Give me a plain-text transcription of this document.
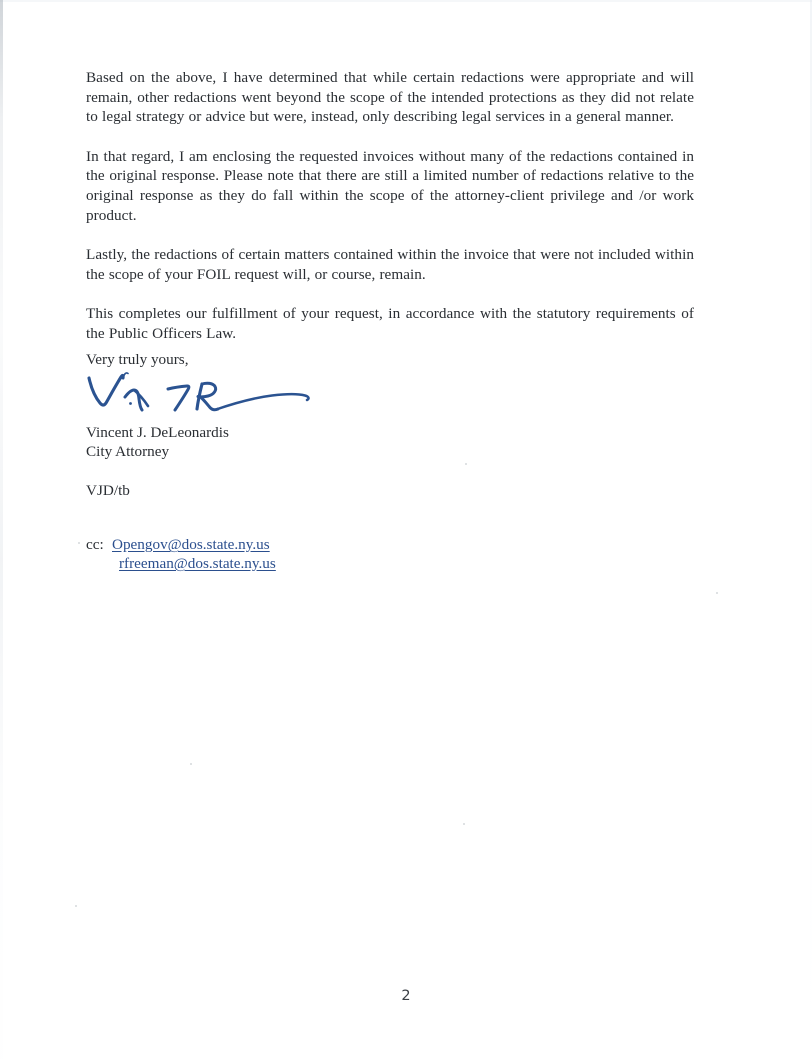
Based on the above, I have determined that while certain redactions were appropriate and will remain, other redactions went beyond the scope of the intended protections as they did not relate to legal strategy or advice but were, instead, only describing legal services in a general manner.

In that regard, I am enclosing the requested invoices without many of the redactions contained in the original response. Please note that there are still a limited number of redactions relative to the original response as they do fall within the scope of the attorney-client privilege and /or work product.

Lastly, the redactions of certain matters contained within the invoice that were not included within the scope of your FOIL request will, or course, remain.

This completes our fulfillment of your request, in accordance with the statutory requirements of the Public Officers Law.

Very truly yours,
Vincent J. DeLeonardis
City Attorney
VJD/tb
cc: Opengov@dos.state.ny.us
rfreeman@dos.state.ny.us
2
